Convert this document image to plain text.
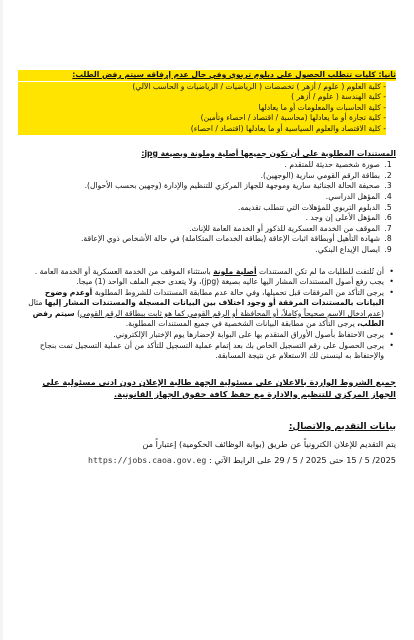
ثانيا: كليات تتطلب الحصول على دبلوم تربوي وفي حال عدم إرفاقه سيتم رفض الطلب:
- كلية العلوم ( علوم / أزهر ) تخصصات ( الرياضيات / الرياضيات و الحاسب الآلي)
- كلية الهندسة ( علوم / أزهر )
- كلية الحاسبات والمعلومات أو ما يعادلها
- كلية تجارة أو ما يعادلها (محاسبة / اقتصاد / احصاء وتأمين)
- كلية الاقتصاد والعلوم السياسية أو ما يعادلها (اقتصاد / احصاء)
المستندات المطلوبة على أن تكون جميعها أصلية وملونة وبصيغة jpg:
1. صورة شخصية حديثة للمتقدم .
2. بطاقة الرقم القومي سارية (الوجهين).
3. صحيفة الحالة الجنائية سارية وموجهة للجهاز المركزي للتنظيم والإدارة (وجهين بحسب الأحوال).
4. المؤهل الدراسي.
5. الدبلوم التربوي للمؤهلات التي تتطلب تقديمه.
6. المؤهل الأعلى إن وجد .
7. الموقف من الخدمة العسكرية للذكور أو الخدمة العامة للإناث.
8. شهادة التأهيل أوبطاقة اثبات الإعاقة (بطاقة الخدمات المتكاملة) في حالة الأشخاص ذوي الإعاقة.
9. ايصال الإيداع البنكي.
• أن تُلتفت للطلبات ما لم تكن المستندات أصلية ملونة باستثناء الموقف من الخدمة العسكرية أو الخدمة العامة .
• يجب رفع أصول المستندات المشار اليها عاليه بصيغة (jpg)، ولا يتعدى حجم الملف الواحد (1) ميجا.
• يرجى التأكد من المرفقات قبل تحميلها، وفي حالة عدم مطابقة المستندات للشروط المطلوبة أوعدم وضوح البيانات بالمستندات المرفقة أو وجود اختلاف بين البيانات المسجلة والمستندات المشار إليها مثال (عدم ادخال الاسم صحيحاً وكاملاً، أو المحافظة أو الرقم القومي كما هو ثابت ببطاقة الرقم القومي) سيتم رفض الطلب، يرجى التأكد من مطابقة البيانات الشخصية في جميع المستندات المطلوبة.
• يرجى الاحتفاظ بأصول الأوراق المتقدم بها على البوابة لإحضارها يوم الإختبار الإلكتروني.
• يرجى الحصول على رقم التسجيل الخاص بك بعد إتمام عملية التسجيل للتأكد من أن عملية التسجيل تمت بنجاح والإحتفاظ به لينسنى لك الاستعلام عن نتيجة المسابقة.
جميع الشروط الواردة بالاعلان على مسئولية الجهة طالبة الإعلان دون ادنى مسئولية على
الجهاز المركزي للتنظيم والادارة مع حفظ كافة حقوق الجهاز القانونية.
بيانات التقديم والاتصال:
يتم التقديم للإعلان الكترونياً عن طريق (بوابة الوظائف الحكومية) إعتباراً من
15 / 5 /2025 حتى 29 / 5 / 2025 على الرابط الآتي : https://jobs.caoa.gov.eg
